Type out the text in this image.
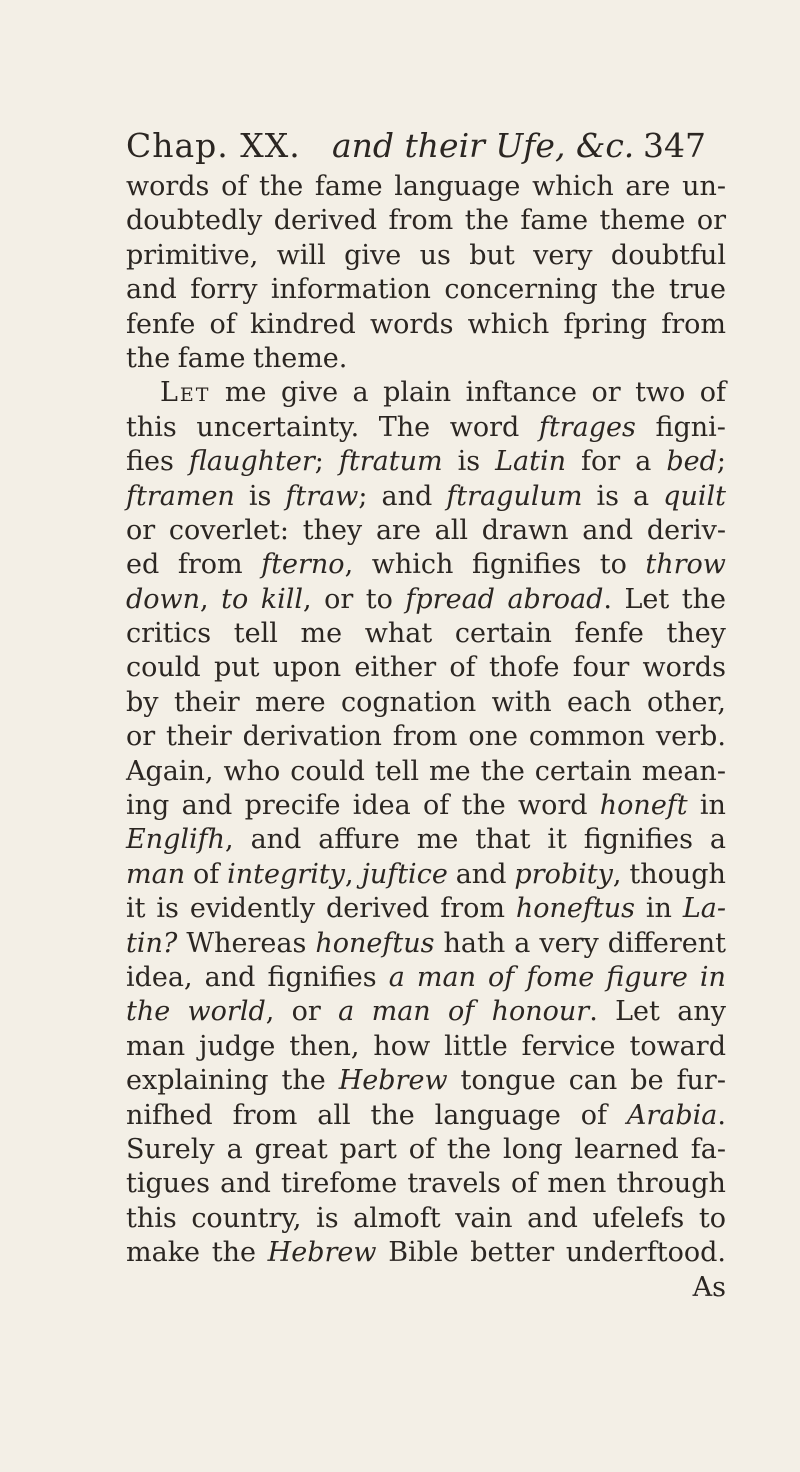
Chap. XX. and their Ufe, &c. 347
words of the fame language which are un-
doubtedly derived from the fame theme or
primitive, will give us but very doubtful
and forry information concerning the true
fenfe of kindred words which fpring from
the fame theme.
Let me give a plain inftance or two of
this uncertainty. The word ftrages figni-
fies flaughter; ftratum is Latin for a bed;
ftramen is ftraw; and ftragulum is a quilt
or coverlet: they are all drawn and deriv-
ed from fterno, which fignifies to throw
down, to kill, or to fpread abroad. Let the
critics tell me what certain fenfe they
could put upon either of thofe four words
by their mere cognation with each other,
or their derivation from one common verb.
Again, who could tell me the certain mean-
ing and precife idea of the word honeft in
Englifh, and affure me that it fignifies a
man of integrity, juftice and probity, though
it is evidently derived from honeftus in La-
tin? Whereas honeftus hath a very different
idea, and fignifies a man of fome figure in
the world, or a man of honour. Let any
man judge then, how little fervice toward
explaining the Hebrew tongue can be fur-
nifhed from all the language of Arabia.
Surely a great part of the long learned fa-
tigues and tirefome travels of men through
this country, is almoft vain and ufelefs to
make the Hebrew Bible better underftood.
As
